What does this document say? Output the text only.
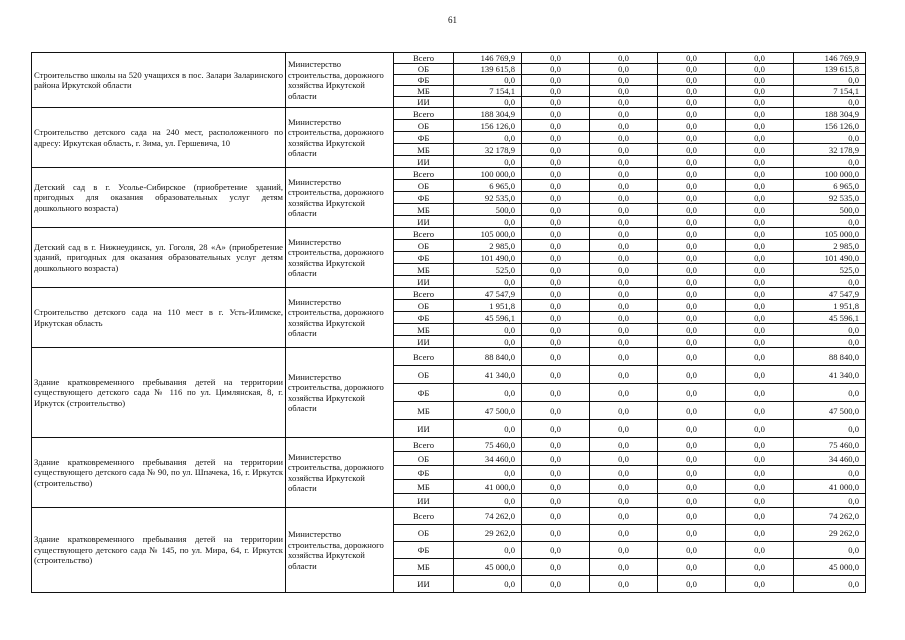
61
Строительство школы на 520 учащихся в пос. Залари Заларинского района Иркутской области	Министерство строительства, дорожного хозяйства Иркутской области	Всего	146 769,9	0,0	0,0	0,0	0,0	146 769,9
		ОБ	139 615,8	0,0	0,0	0,0	0,0	139 615,8
		ФБ	0,0	0,0	0,0	0,0	0,0	0,0
		МБ	7 154,1	0,0	0,0	0,0	0,0	7 154,1
		ИИ	0,0	0,0	0,0	0,0	0,0	0,0
Строительство детского сада на 240 мест, расположенного по адресу: Иркутская область, г. Зима, ул. Гершевича, 10	Министерство строительства, дорожного хозяйства Иркутской области	Всего	188 304,9	0,0	0,0	0,0	0,0	188 304,9
		ОБ	156 126,0	0,0	0,0	0,0	0,0	156 126,0
		ФБ	0,0	0,0	0,0	0,0	0,0	0,0
		МБ	32 178,9	0,0	0,0	0,0	0,0	32 178,9
		ИИ	0,0	0,0	0,0	0,0	0,0	0,0
Детский сад в г. Усолье-Сибирское (приобретение зданий, пригодных для оказания образовательных услуг детям дошкольного возраста)	Министерство строительства, дорожного хозяйства Иркутской области	Всего	100 000,0	0,0	0,0	0,0	0,0	100 000,0
		ОБ	6 965,0	0,0	0,0	0,0	0,0	6 965,0
		ФБ	92 535,0	0,0	0,0	0,0	0,0	92 535,0
		МБ	500,0	0,0	0,0	0,0	0,0	500,0
		ИИ	0,0	0,0	0,0	0,0	0,0	0,0
Детский сад в г. Нижнеудинск, ул. Гоголя, 28 «А» (приобретение зданий, пригодных для оказания образовательных услуг детям дошкольного возраста)	Министерство строительства, дорожного хозяйства Иркутской области	Всего	105 000,0	0,0	0,0	0,0	0,0	105 000,0
		ОБ	2 985,0	0,0	0,0	0,0	0,0	2 985,0
		ФБ	101 490,0	0,0	0,0	0,0	0,0	101 490,0
		МБ	525,0	0,0	0,0	0,0	0,0	525,0
		ИИ	0,0	0,0	0,0	0,0	0,0	0,0
Строительство детского сада на 110 мест в г. Усть-Илимске, Иркутская область	Министерство строительства, дорожного хозяйства Иркутской области	Всего	47 547,9	0,0	0,0	0,0	0,0	47 547,9
		ОБ	1 951,8	0,0	0,0	0,0	0,0	1 951,8
		ФБ	45 596,1	0,0	0,0	0,0	0,0	45 596,1
		МБ	0,0	0,0	0,0	0,0	0,0	0,0
		ИИ	0,0	0,0	0,0	0,0	0,0	0,0
Здание кратковременного пребывания детей на территории существующего детского сада № 116 по ул. Цимлянская, 8, г. Иркутск (строительство)	Министерство строительства, дорожного хозяйства Иркутской области	Всего	88 840,0	0,0	0,0	0,0	0,0	88 840,0
		ОБ	41 340,0	0,0	0,0	0,0	0,0	41 340,0
		ФБ	0,0	0,0	0,0	0,0	0,0	0,0
		МБ	47 500,0	0,0	0,0	0,0	0,0	47 500,0
		ИИ	0,0	0,0	0,0	0,0	0,0	0,0
Здание кратковременного пребывания детей на территории существующего детского сада № 90, по ул. Шпачека, 16, г. Иркутск (строительство)	Министерство строительства, дорожного хозяйства Иркутской области	Всего	75 460,0	0,0	0,0	0,0	0,0	75 460,0
		ОБ	34 460,0	0,0	0,0	0,0	0,0	34 460,0
		ФБ	0,0	0,0	0,0	0,0	0,0	0,0
		МБ	41 000,0	0,0	0,0	0,0	0,0	41 000,0
		ИИ	0,0	0,0	0,0	0,0	0,0	0,0
Здание кратковременного пребывания детей на территории существующего детского сада № 145, по ул. Мира, 64, г. Иркутск (строительство)	Министерство строительства, дорожного хозяйства Иркутской области	Всего	74 262,0	0,0	0,0	0,0	0,0	74 262,0
		ОБ	29 262,0	0,0	0,0	0,0	0,0	29 262,0
		ФБ	0,0	0,0	0,0	0,0	0,0	0,0
		МБ	45 000,0	0,0	0,0	0,0	0,0	45 000,0
		ИИ	0,0	0,0	0,0	0,0	0,0	0,0
